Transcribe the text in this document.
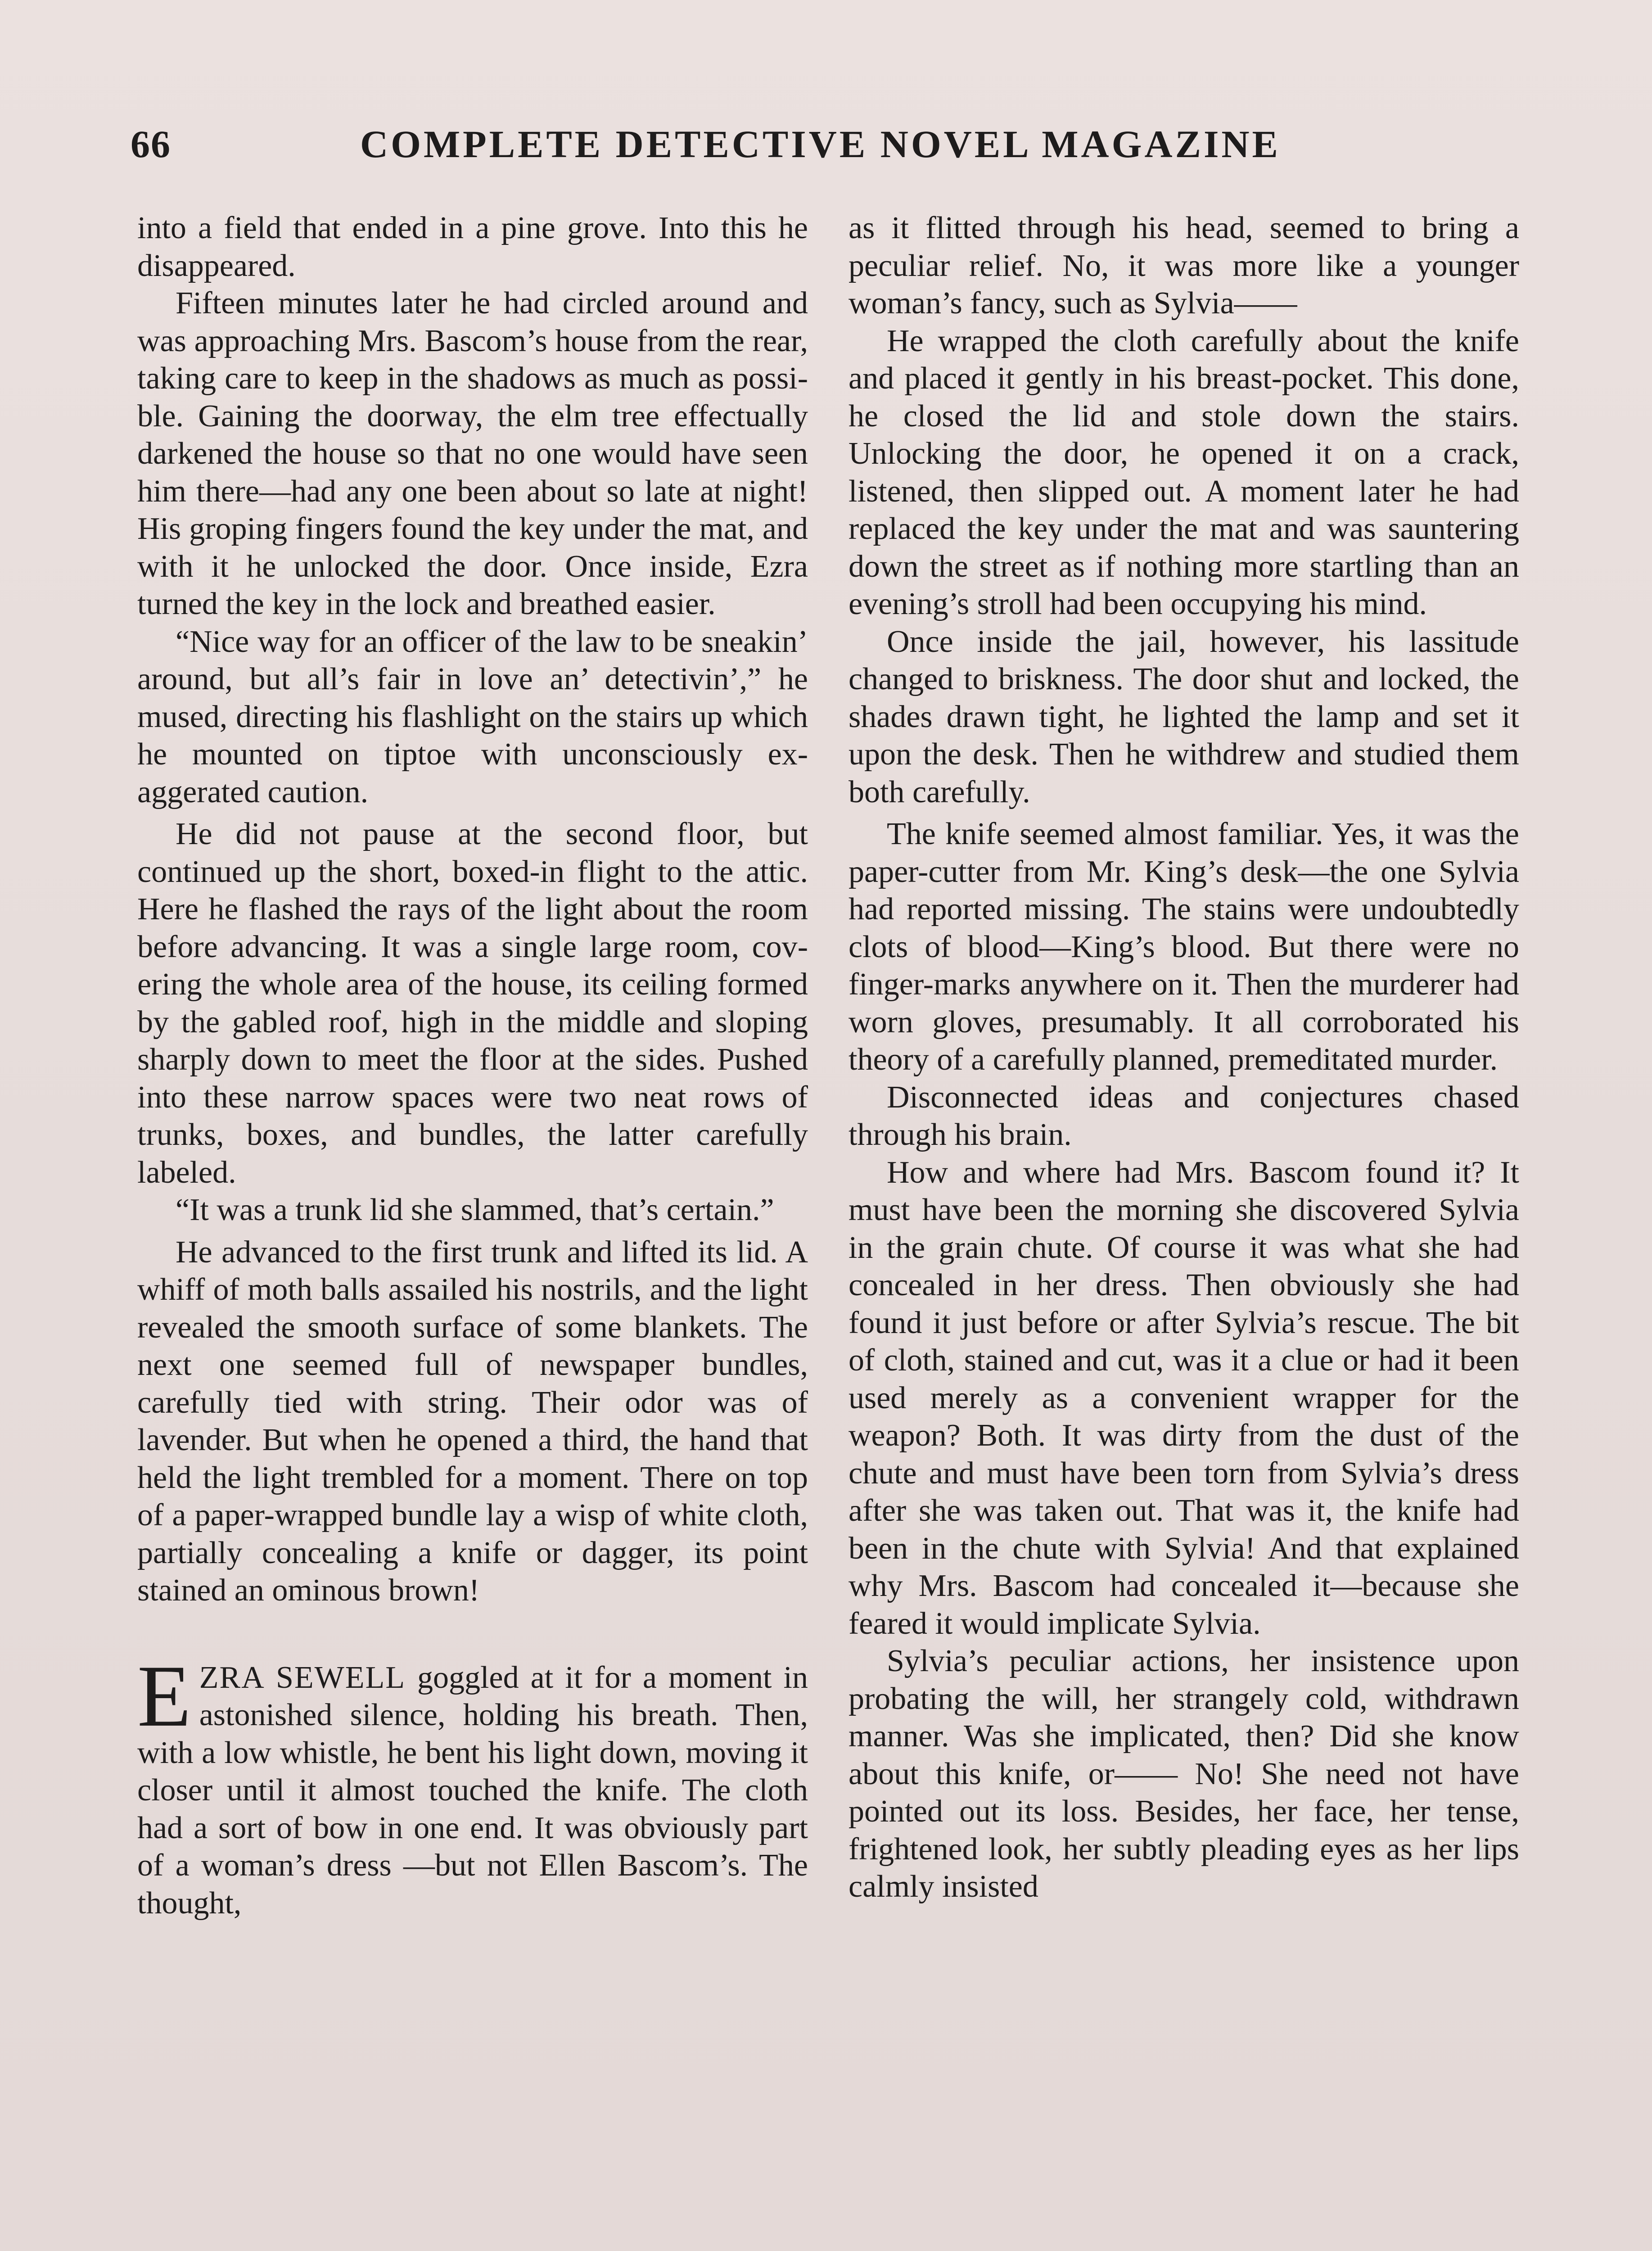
66	COMPLETE DETECTIVE NOVEL MAGAZINE

into a field that ended in a pine grove. Into this he disappeared.

Fifteen minutes later he had circled around and was approaching Mrs. Bascom’s house from the rear, taking care to keep in the shadows as much as possible. Gaining the doorway, the elm tree effectually darkened the house so that no one would have seen him there—had any one been about so late at night! His groping fingers found the key under the mat, and with it he unlocked the door. Once inside, Ezra turned the key in the lock and breathed easier.

“Nice way for an officer of the law to be sneakin’ around, but all’s fair in love an’ detectivin’,” he mused, directing his flashlight on the stairs up which he mounted on tiptoe with unconsciously exaggerated caution.

He did not pause at the second floor, but continued up the short, boxed-in flight to the attic. Here he flashed the rays of the light about the room before advancing. It was a single large room, covering the whole area of the house, its ceiling formed by the gabled roof, high in the middle and sloping sharply down to meet the floor at the sides. Pushed into these narrow spaces were two neat rows of trunks, boxes, and bundles, the latter carefully labeled.

“It was a trunk lid she slammed, that’s certain.”

He advanced to the first trunk and lifted its lid. A whiff of moth balls assailed his nostrils, and the light revealed the smooth surface of some blankets. The next one seemed full of newspaper bundles, carefully tied with string. Their odor was of lavender. But when he opened a third, the hand that held the light trembled for a moment. There on top of a paper-wrapped bundle lay a wisp of white cloth, partially concealing a knife or dagger, its point stained an ominous brown!

EZRA SEWELL goggled at it for a moment in astonished silence, holding his breath. Then, with a low whistle, he bent his light down, moving it closer until it almost touched the knife. The cloth had a sort of bow in one end. It was obviously part of a woman’s dress —but not Ellen Bascom’s. The thought,

as it flitted through his head, seemed to bring a peculiar relief. No, it was more like a younger woman’s fancy, such as Sylvia——

He wrapped the cloth carefully about the knife and placed it gently in his breast-pocket. This done, he closed the lid and stole down the stairs. Unlocking the door, he opened it on a crack, listened, then slipped out. A moment later he had replaced the key under the mat and was sauntering down the street as if nothing more startling than an evening’s stroll had been occupying his mind.

Once inside the jail, however, his lassitude changed to briskness. The door shut and locked, the shades drawn tight, he lighted the lamp and set it upon the desk. Then he withdrew and studied them both carefully.

The knife seemed almost familiar. Yes, it was the paper-cutter from Mr. King’s desk—the one Sylvia had reported missing. The stains were undoubtedly clots of blood—King’s blood. But there were no finger-marks anywhere on it. Then the murderer had worn gloves, presumably. It all corroborated his theory of a carefully planned, premeditated murder.

Disconnected ideas and conjectures chased through his brain.

How and where had Mrs. Bascom found it? It must have been the morning she discovered Sylvia in the grain chute. Of course it was what she had concealed in her dress. Then obviously she had found it just before or after Sylvia’s rescue. The bit of cloth, stained and cut, was it a clue or had it been used merely as a convenient wrapper for the weapon? Both. It was dirty from the dust of the chute and must have been torn from Sylvia’s dress after she was taken out. That was it, the knife had been in the chute with Sylvia! And that explained why Mrs. Bascom had concealed it—because she feared it would implicate Sylvia.

Sylvia’s peculiar actions, her insistence upon probating the will, her strangely cold, withdrawn manner. Was she implicated, then? Did she know about this knife, or—— No! She need not have pointed out its loss. Besides, her face, her tense, frightened look, her subtly pleading eyes as her lips calmly insisted
